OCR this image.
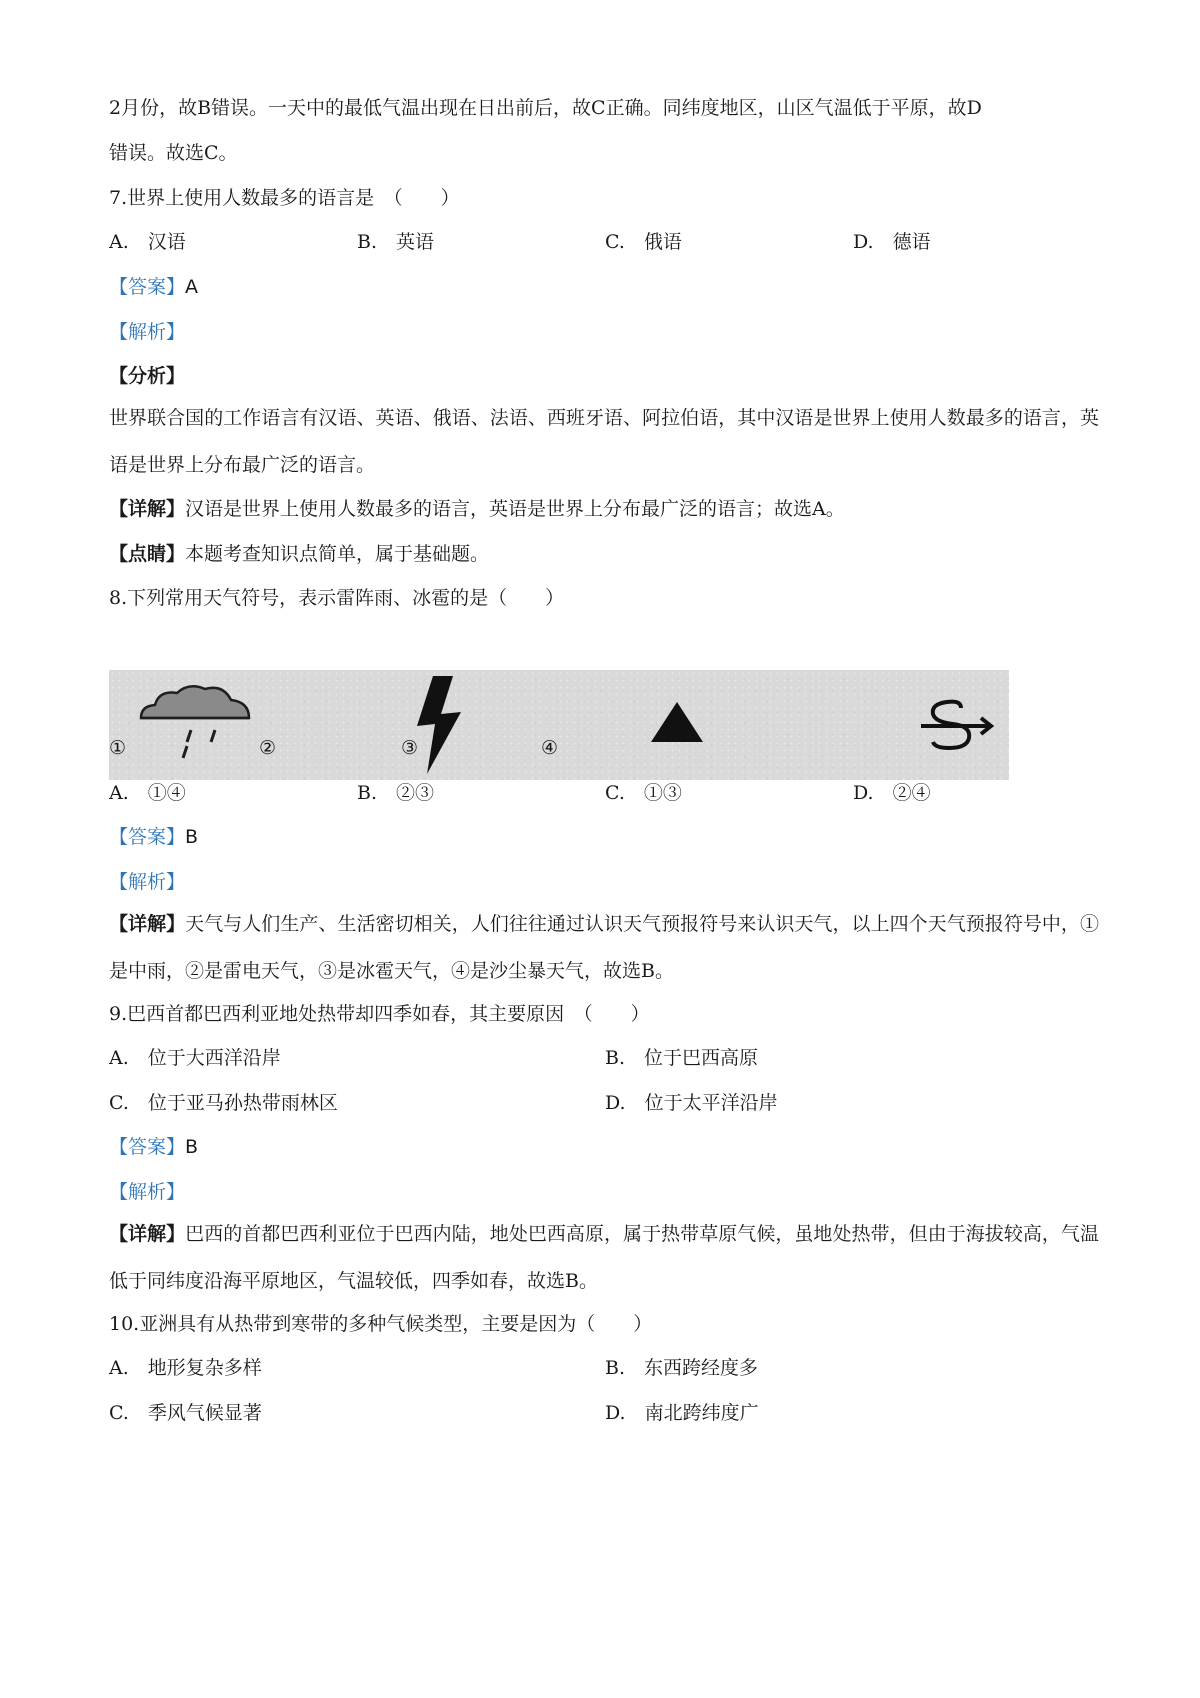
2月份，故B错误。一天中的最低气温出现在日出前后，故C正确。同纬度地区，山区气温低于平原，故D
错误。故选C。
7.世界上使用人数最多的语言是　（　　）
A.　汉语	B.　英语	C.　俄语	D.　德语
【答案】A
【解析】
【分析】
世界联合国的工作语言有汉语、英语、俄语、法语、西班牙语、阿拉伯语，其中汉语是世界上使用人数最多的语言，英语是世界上分布最广泛的语言。
【详解】汉语是世界上使用人数最多的语言，英语是世界上分布最广泛的语言；故选A。
【点睛】本题考查知识点简单，属于基础题。
8.下列常用天气符号，表示雷阵雨、冰雹的是（　　）
①	②	③	④
A.　①④	B.　②③	C.　①③	D.　②④
【答案】B
【解析】
【详解】天气与人们生产、生活密切相关，人们往往通过认识天气预报符号来认识天气，以上四个天气预报符号中，①是中雨，②是雷电天气，③是冰雹天气，④是沙尘暴天气，故选B。
9.巴西首都巴西利亚地处热带却四季如春，其主要原因　（　　）
A.　位于大西洋沿岸	B.　位于巴西高原
C.　位于亚马孙热带雨林区	D.　位于太平洋沿岸
【答案】B
【解析】
【详解】巴西的首都巴西利亚位于巴西内陆，地处巴西高原，属于热带草原气候，虽地处热带，但由于海拔较高，气温低于同纬度沿海平原地区，气温较低，四季如春，故选B。
10.亚洲具有从热带到寒带的多种气候类型，主要是因为（　　）
A.　地形复杂多样	B.　东西跨经度多
C.　季风气候显著	D.　南北跨纬度广
